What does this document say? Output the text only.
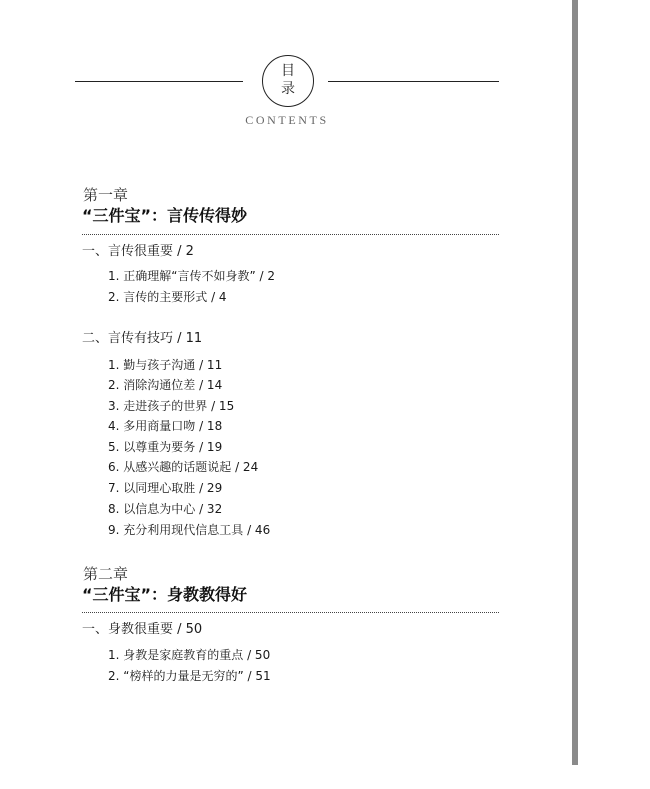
目
录
CONTENTS
第一章
“三件宝”：言传传得妙
一、言传很重要 / 2
1. 正确理解“言传不如身教” / 2
2. 言传的主要形式 / 4
二、言传有技巧 / 11
1. 勤与孩子沟通 / 11
2. 消除沟通位差 / 14
3. 走进孩子的世界 / 15
4. 多用商量口吻 / 18
5. 以尊重为要务 / 19
6. 从感兴趣的话题说起 / 24
7. 以同理心取胜 / 29
8. 以信息为中心 / 32
9. 充分利用现代信息工具 / 46
第二章
“三件宝”：身教教得好
一、身教很重要 / 50
1. 身教是家庭教育的重点 / 50
2. “榜样的力量是无穷的” / 51
